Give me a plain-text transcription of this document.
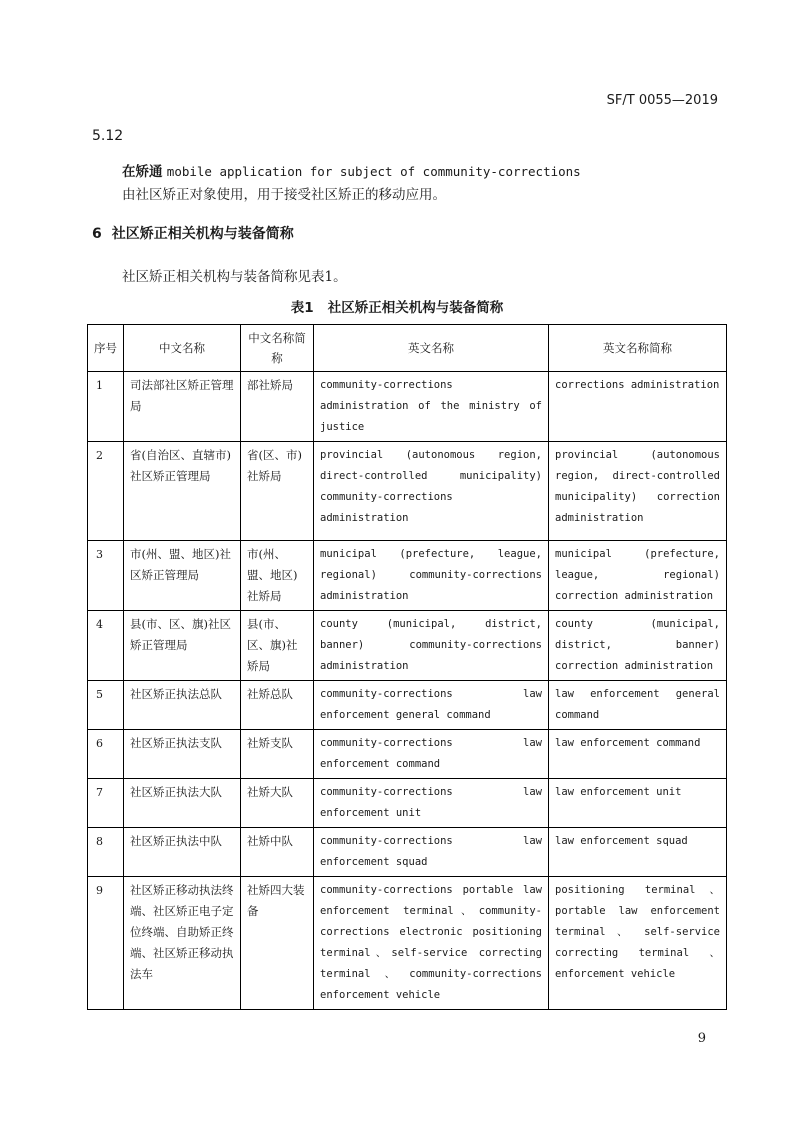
SF/T 0055—2019
5.12
在矫通 mobile application for subject of community-corrections
由社区矫正对象使用，用于接受社区矫正的移动应用。
6 社区矫正相关机构与装备简称
社区矫正相关机构与装备简称见表1。
表1 社区矫正相关机构与装备简称
序号	中文名称	中文名称简称	英文名称	英文名称简称
1	司法部社区矫正管理局	部社矫局	community-corrections administration of the ministry of justice	corrections administration
2	省(自治区、直辖市)社区矫正管理局	省(区、市)社矫局	provincial (autonomous region, direct-controlled municipality) community-corrections administration	provincial (autonomous region, direct-controlled municipality) correction administration
3	市(州、盟、地区)社区矫正管理局	市(州、盟、地区)社矫局	municipal (prefecture, league, regional) community-corrections administration	municipal (prefecture, league, regional) correction administration
4	县(市、区、旗)社区矫正管理局	县(市、区、旗)社矫局	county (municipal, district, banner) community-corrections administration	county (municipal, district, banner) correction administration
5	社区矫正执法总队	社矫总队	community-corrections law enforcement general command	law enforcement general command
6	社区矫正执法支队	社矫支队	community-corrections law enforcement command	law enforcement command
7	社区矫正执法大队	社矫大队	community-corrections law enforcement unit	law enforcement unit
8	社区矫正执法中队	社矫中队	community-corrections law enforcement squad	law enforcement squad
9	社区矫正移动执法终端、社区矫正电子定位终端、自助矫正终端、社区矫正移动执法车	社矫四大装备	community-corrections portable law enforcement terminal、community-corrections electronic positioning terminal、self-service correcting terminal、community-corrections enforcement vehicle	positioning terminal、portable law enforcement terminal 、 self-service correcting terminal 、 enforcement vehicle
9
